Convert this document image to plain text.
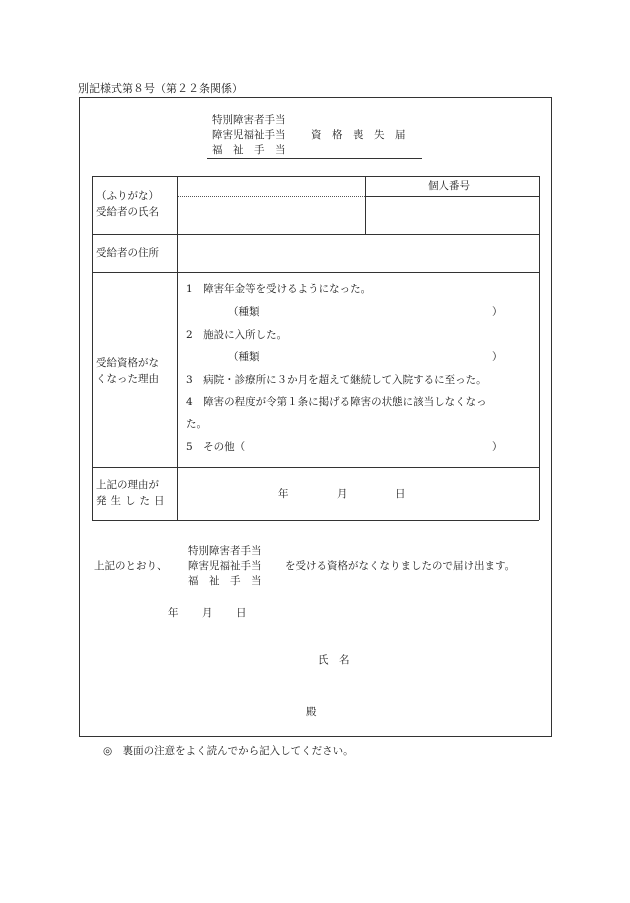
別記様式第８号（第２２条関係）
特別障害者手当
障害児福祉手当
福　祉　手　当
資　格　喪　失　届
（ふりがな）
受給者の氏名
個人番号
受給者の住所
受給資格がな
くなった理由
1　障害年金等を受けるようになった。
（種類	）
2　施設に入所した。
（種類	）
3　病院・診療所に３か月を超えて継続して入院するに至った。
4　障害の程度が令第１条に掲げる障害の状態に該当しなくなっ
た。
5　その他（	）
上記の理由が
発生した日
年	月	日
上記のとおり、
特別障害者手当
障害児福祉手当
福　祉　手　当
を受ける資格がなくなりましたので届け出ます。
年 月 日
氏　名
殿
◎　裏面の注意をよく読んでから記入してください。
